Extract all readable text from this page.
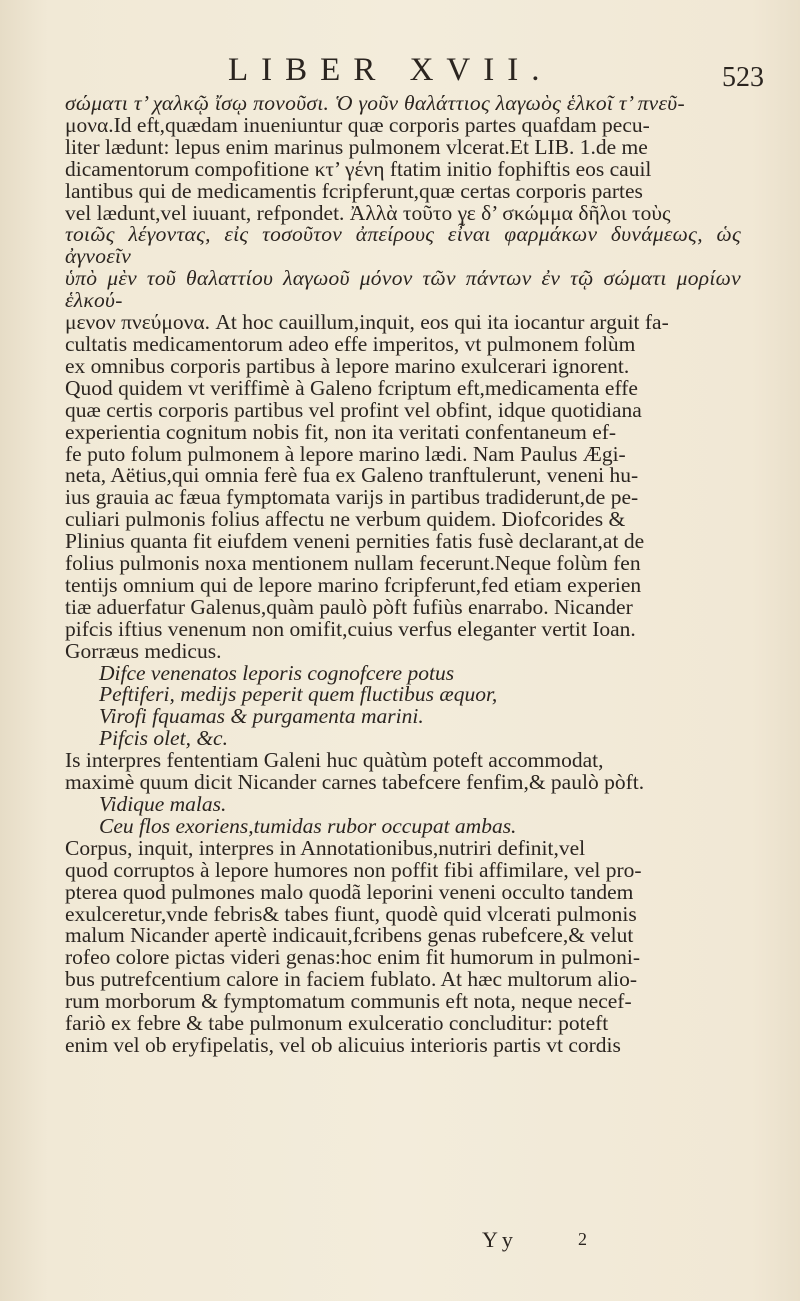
LIBER XVII.	523

σώματι τ’ χαλκῷ ἴσῳ πονοῦσι. Ὁ γοῦν θαλάττιος λαγωὸς ἑλκοῖ τ’ πνεῦ-

μονα.Id eft,quædam inueniuntur quæ corporis partes quafdam pecu-

liter lædunt: lepus enim marinus pulmonem vlcerat.Et LIB. 1.de me

dicamentorum compofitione κτ’ γένη ftatim initio fophiftis eos cauil

lantibus qui de medicamentis fcripferunt,quæ certas corporis partes

vel lædunt,vel iuuant, refpondet. Ἀλλὰ τοῦτο γε δ’ σκώμμα δῆλοι τοὺς

τοιῶς λέγοντας, εἰς τοσοῦτον ἀπείρους εἶναι φαρμάκων δυνάμεως, ὡς ἀγνοεῖν

ὑπὸ μὲν τοῦ θαλαττίου λαγωοῦ μόνον τῶν πάντων ἐν τῷ σώματι μορίων ἑλκού-

μενον πνεύμονα. At hoc cauillum,inquit, eos qui ita iocantur arguit fa-

cultatis medicamentorum adeo effe imperitos, vt pulmonem folùm

ex omnibus corporis partibus à lepore marino exulcerari ignorent.

Quod quidem vt veriffimè à Galeno fcriptum eft,medicamenta effe

quæ certis corporis partibus vel profint vel obfint, idque quotidiana

experientia cognitum nobis fit, non ita veritati confentaneum ef-

fe puto folum pulmonem à lepore marino lædi. Nam Paulus Ægi-

neta, Aëtius,qui omnia ferè fua ex Galeno tranftulerunt, veneni hu-

ius grauia ac fæua fymptomata varijs in partibus tradiderunt,de pe-

culiari pulmonis folius affectu ne verbum quidem. Diofcorides &

Plinius quanta fit eiufdem veneni pernities fatis fusè declarant,at de

folius pulmonis noxa mentionem nullam fecerunt.Neque folùm fen

tentijs omnium qui de lepore marino fcripferunt,fed etiam experien

tiæ aduerfatur Galenus,quàm paulò pòft fufiùs enarrabo. Nicander

pifcis iftius venenum non omifit,cuius verfus eleganter vertit Ioan.

Gorræus medicus.

Difce venenatos leporis cognofcere potus

Peftiferi, medijs peperit quem fluctibus æquor,

Virofi fquamas & purgamenta marini.

Pifcis olet, &c.

Is interpres fententiam Galeni huc quàtùm poteft accommodat,

maximè quum dicit Nicander carnes tabefcere fenfim,& paulò pòft.

Vidique malas.

Ceu flos exoriens,tumidas rubor occupat ambas.

Corpus, inquit, interpres in Annotationibus,nutriri definit,vel

quod corruptos à lepore humores non poffit fibi affimilare, vel pro-

pterea quod pulmones malo quodã leporini veneni occulto tandem

exulceretur,vnde febris& tabes fiunt, quodè quid vlcerati pulmonis

malum Nicander apertè indicauit,fcribens genas rubefcere,& velut

rofeo colore pictas videri genas:hoc enim fit humorum in pulmoni-

bus putrefcentium calore in faciem fublato. At hæc multorum alio-

rum morborum & fymptomatum communis eft nota, neque necef-

fariò ex febre & tabe pulmonum exulceratio concluditur: poteft

enim vel ob eryfipelatis, vel ob alicuius interioris partis vt cordis

Yy	2
